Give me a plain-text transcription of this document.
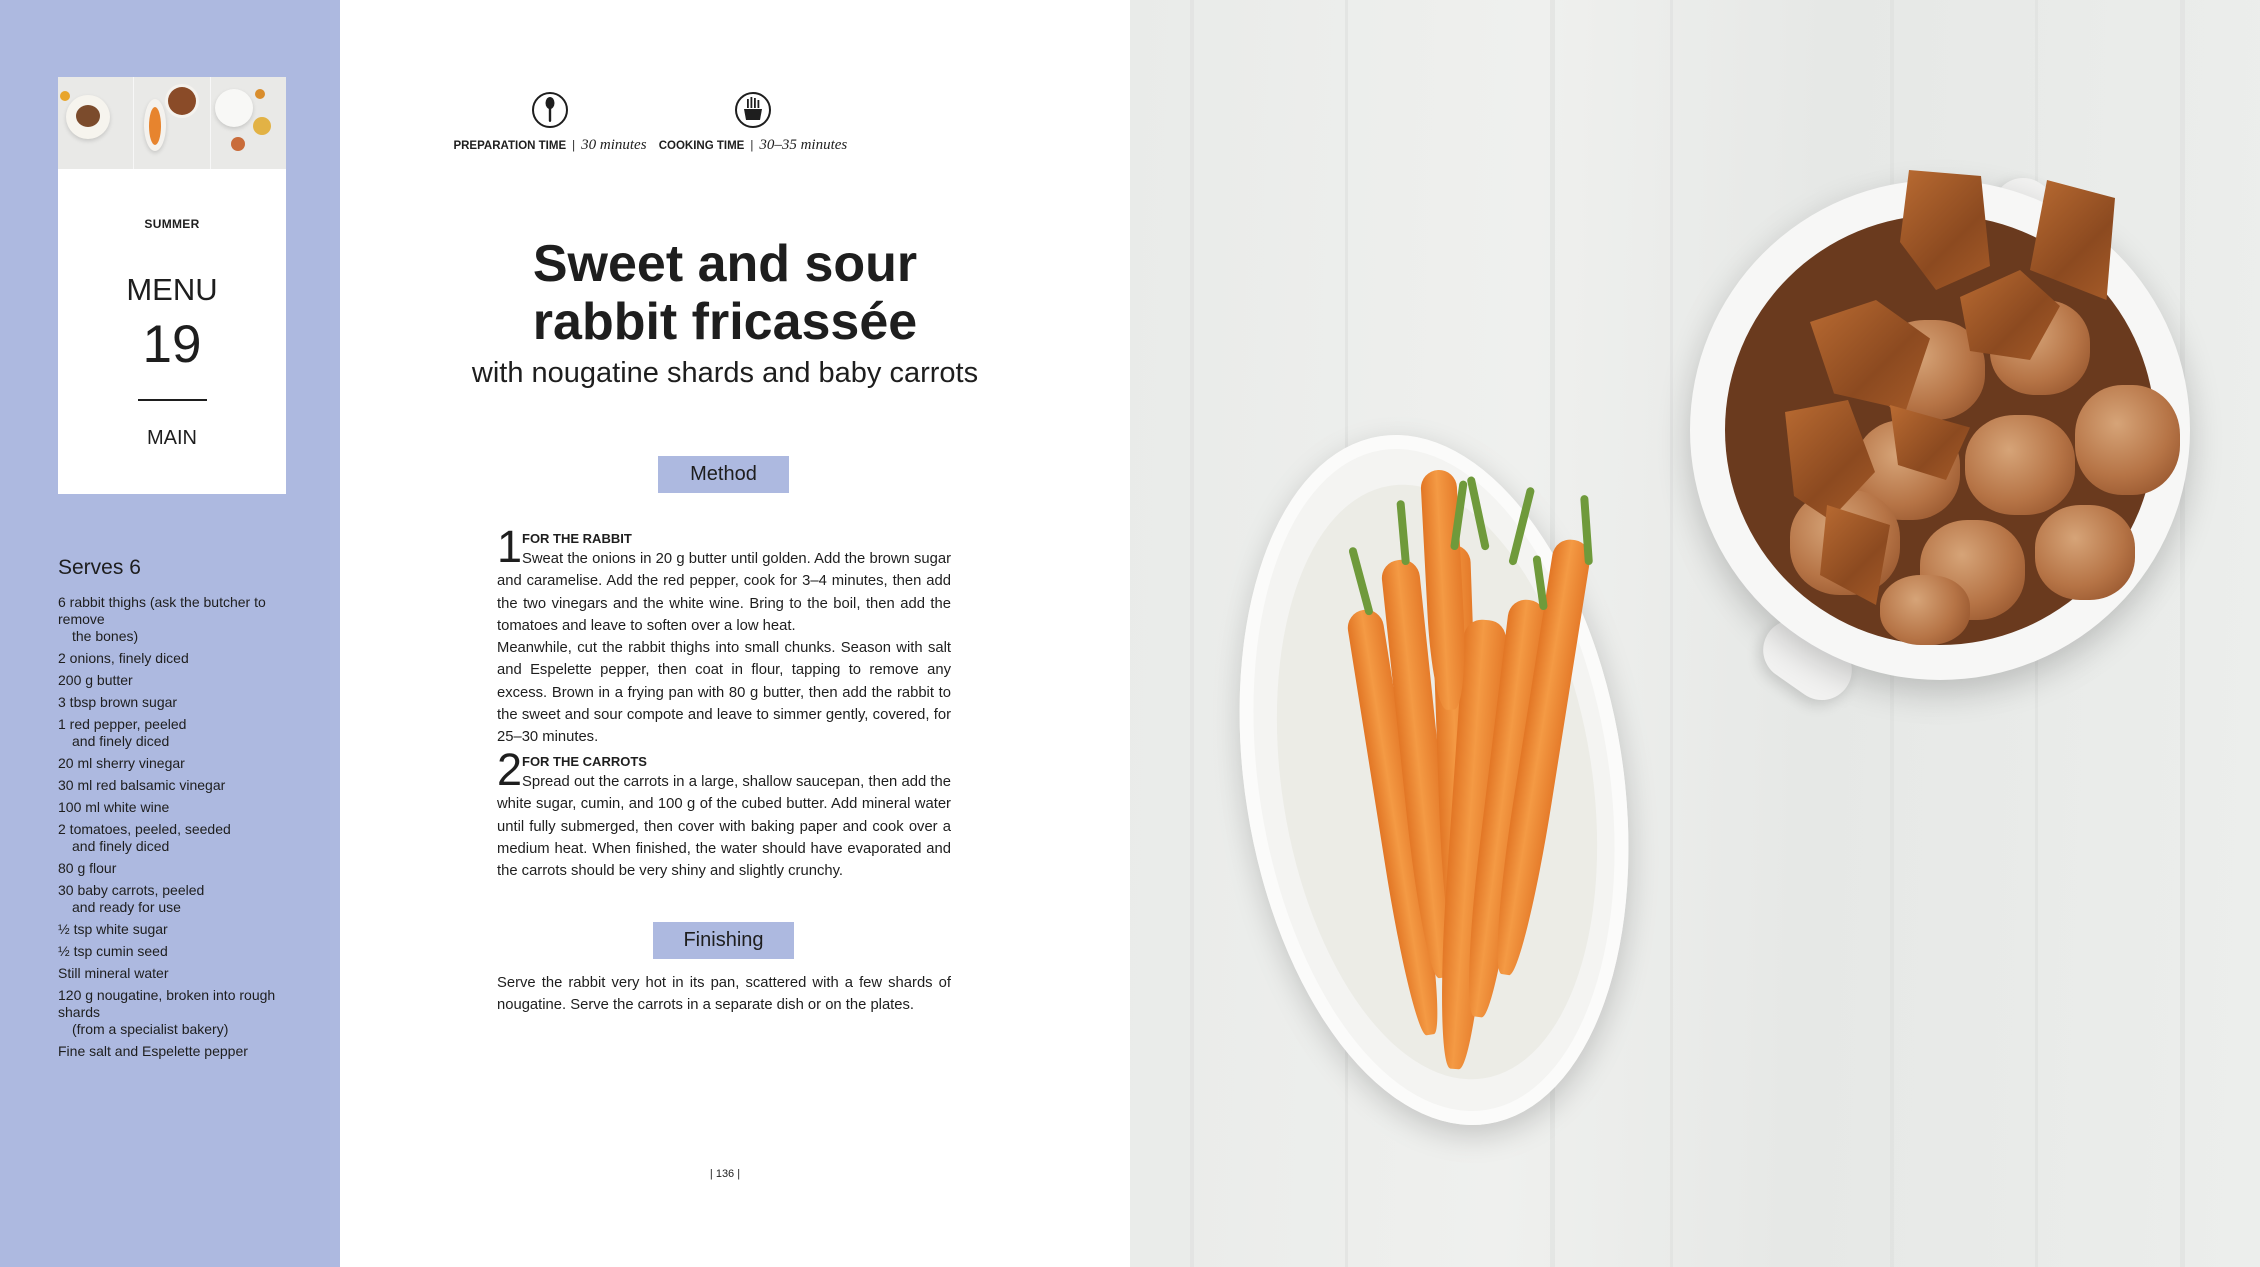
SUMMER
MENU
19
MAIN
Serves 6
6 rabbit thighs (ask the butcher to remove
the bones)
2 onions, finely diced
200 g butter
3 tbsp brown sugar
1 red pepper, peeled
and finely diced
20 ml sherry vinegar
30 ml red balsamic vinegar
100 ml white wine
2 tomatoes, peeled, seeded
and finely diced
80 g flour
30 baby carrots, peeled
and ready for use
½ tsp white sugar
½ tsp cumin seed
Still mineral water
120 g nougatine, broken into rough shards
(from a specialist bakery)
Fine salt and Espelette pepper
PREPARATION TIME | 30 minutes	COOKING TIME | 30–35 minutes
Sweet and sour
rabbit fricassée
with nougatine shards and baby carrots
Method
1 FOR THE RABBIT

Sweat the onions in 20 g butter until golden. Add the brown sugar and caramelise. Add the red pepper, cook for 3–4 minutes, then add the two vinegars and the white wine. Bring to the boil, then add the tomatoes and leave to soften over a low heat.

Meanwhile, cut the rabbit thighs into small chunks. Season with salt and Espelette pepper, then coat in flour, tapping to remove any excess. Brown in a frying pan with 80 g butter, then add the rabbit to the sweet and sour compote and leave to simmer gently, covered, for 25–30 minutes.

2 FOR THE CARROTS

Spread out the carrots in a large, shallow saucepan, then add the white sugar, cumin, and 100 g of the cubed butter. Add mineral water until fully submerged, then cover with baking paper and cook over a medium heat. When finished, the water should have evaporated and the carrots should be very shiny and slightly crunchy.

Finishing

Serve the rabbit very hot in its pan, scattered with a few shards of nougatine. Serve the carrots in a separate dish or on the plates.

| 136 |
